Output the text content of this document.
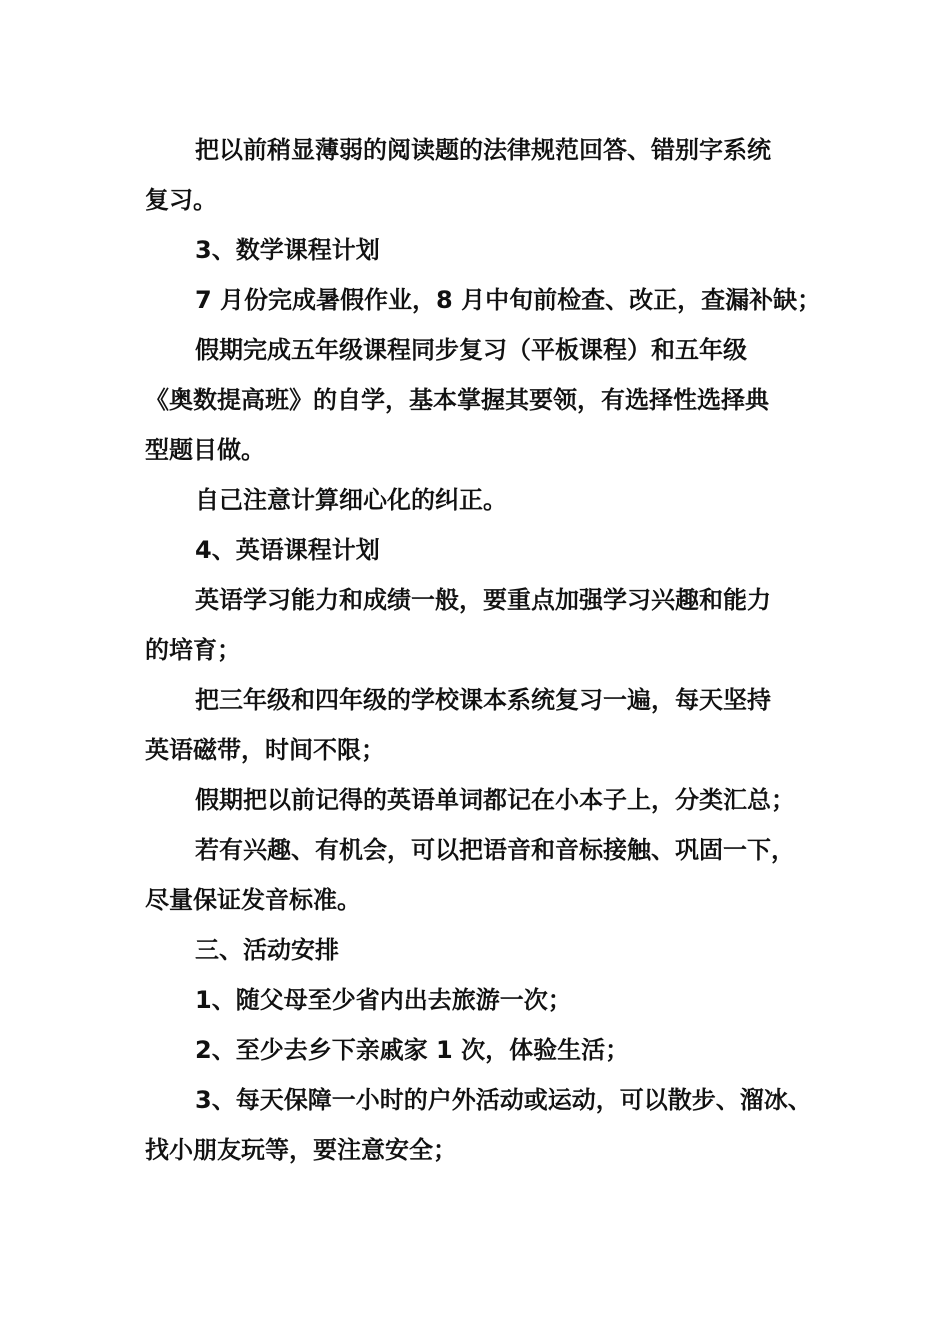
把以前稍显薄弱的阅读题的法律规范回答、错别字系统
复习。
3、数学课程计划
7 月份完成暑假作业，8 月中旬前检查、改正，查漏补缺；
假期完成五年级课程同步复习（平板课程）和五年级
《奥数提高班》的自学，基本掌握其要领，有选择性选择典
型题目做。
自己注意计算细心化的纠正。
4、英语课程计划
英语学习能力和成绩一般，要重点加强学习兴趣和能力
的培育；
把三年级和四年级的学校课本系统复习一遍，每天坚持
英语磁带，时间不限；
假期把以前记得的英语单词都记在小本子上，分类汇总；
若有兴趣、有机会，可以把语音和音标接触、巩固一下，
尽量保证发音标准。
三、活动安排
1、随父母至少省内出去旅游一次；
2、至少去乡下亲戚家 1 次，体验生活；
3、每天保障一小时的户外活动或运动，可以散步、溜冰、
找小朋友玩等，要注意安全；
